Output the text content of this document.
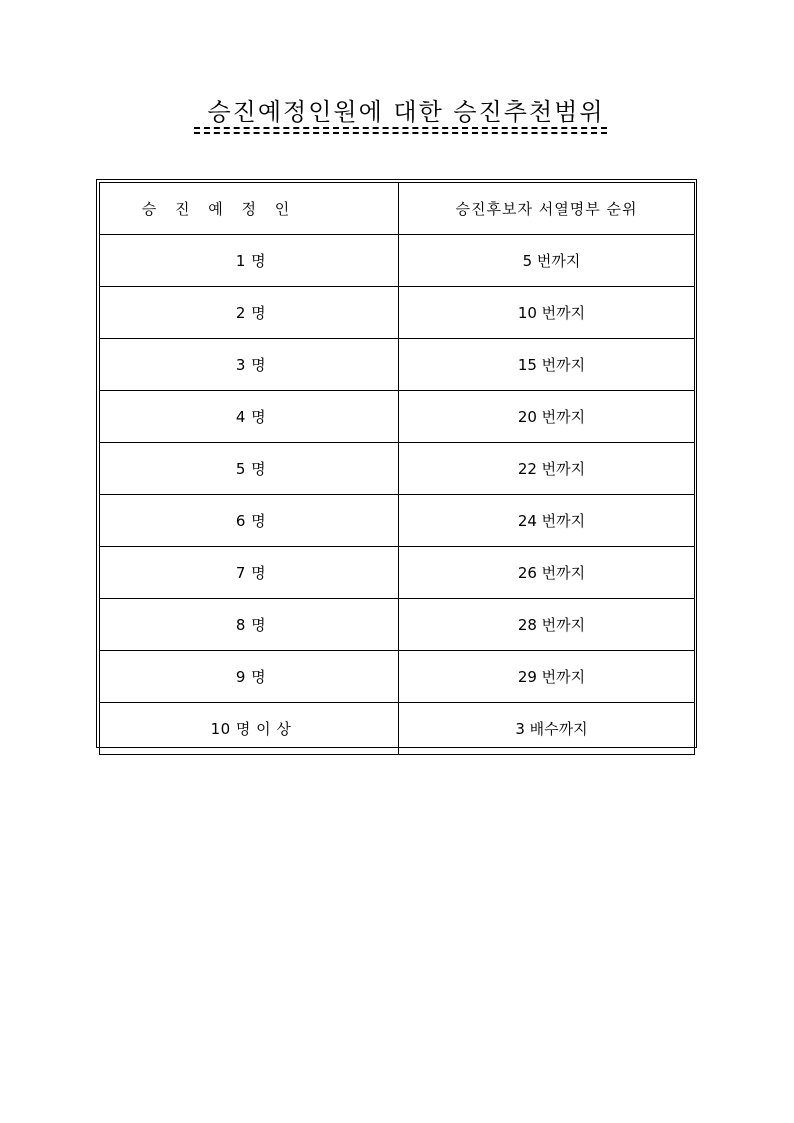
승진예정인원에 대한 승진추천범위
승 진 예 정 인	승진후보자 서열명부 순위
1 명	5 번까지
2 명	10 번까지
3 명	15 번까지
4 명	20 번까지
5 명	22 번까지
6 명	24 번까지
7 명	26 번까지
8 명	28 번까지
9 명	29 번까지
10 명 이 상	3 배수까지
